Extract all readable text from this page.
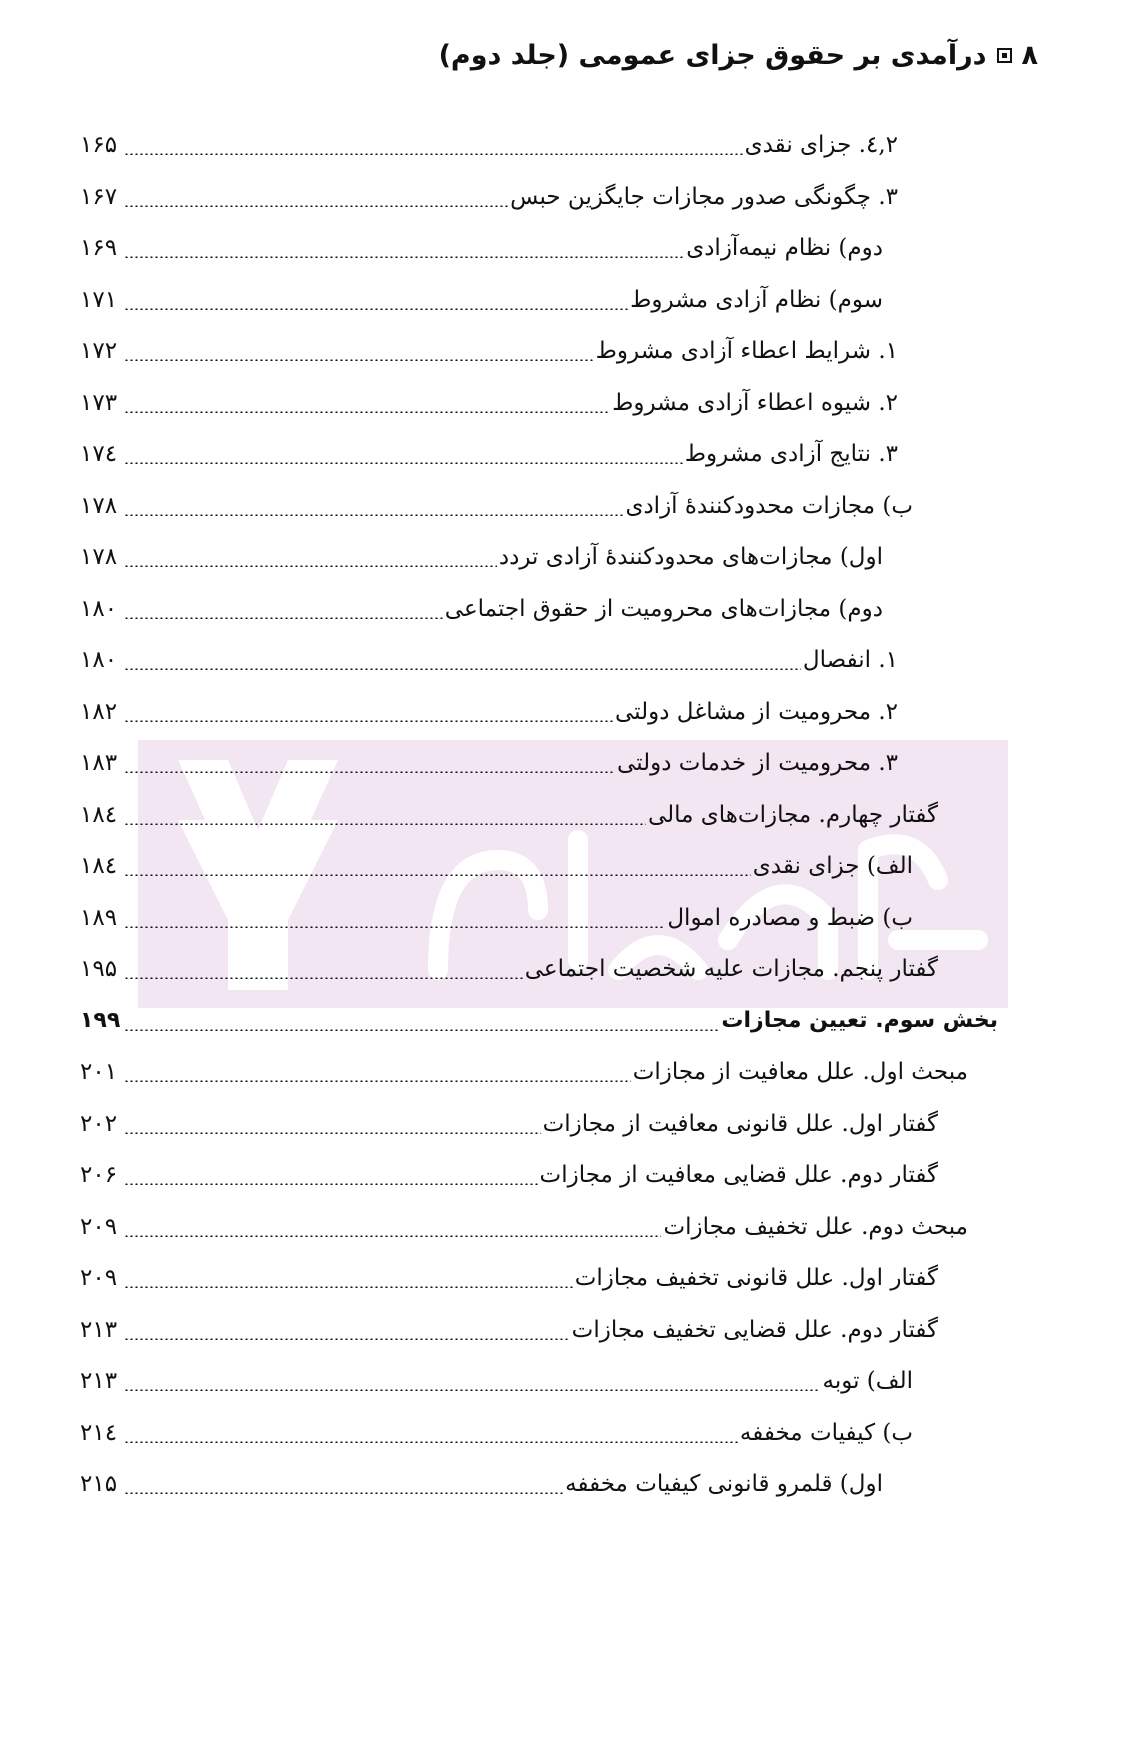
۸
درآمدی بر حقوق جزای عمومی (جلد دوم)
۲,٤. جزای نقدی
۱۶۵
۳. چگونگی صدور مجازات جایگزین حبس
۱۶۷
دوم) نظام نیمه‌آزادی
۱۶۹
سوم) نظام آزادی مشروط
۱۷۱
۱. شرایط اعطاء آزادی مشروط
۱۷۲
۲. شیوه اعطاء آزادی مشروط
۱۷۳
۳. نتایج آزادی مشروط
۱۷٤
ب) مجازات محدودکنندهٔ آزادی
۱۷۸
اول) مجازات‌های محدودکنندهٔ آزادی تردد
۱۷۸
دوم) مجازات‌های محرومیت از حقوق اجتماعی
۱۸۰
۱. انفصال
۱۸۰
۲. محرومیت از مشاغل دولتی
۱۸۲
۳. محرومیت از خدمات دولتی
۱۸۳
گفتار چهارم. مجازات‌های مالی
۱۸٤
الف) جزای نقدی
۱۸٤
ب) ضبط و مصادره اموال
۱۸۹
گفتار پنجم. مجازات علیه شخصیت اجتماعی
۱۹۵
بخش سوم. تعیین مجازات
۱۹۹
مبحث اول. علل معافیت از مجازات
۲۰۱
گفتار اول. علل قانونی معافیت از مجازات
۲۰۲
گفتار دوم. علل قضایی معافیت از مجازات
۲۰۶
مبحث دوم. علل تخفیف مجازات
۲۰۹
گفتار اول. علل قانونی تخفیف مجازات
۲۰۹
گفتار دوم. علل قضایی تخفیف مجازات
۲۱۳
الف) توبه
۲۱۳
ب) کیفیات مخففه
۲۱٤
اول) قلمرو قانونی کیفیات مخففه
۲۱۵
